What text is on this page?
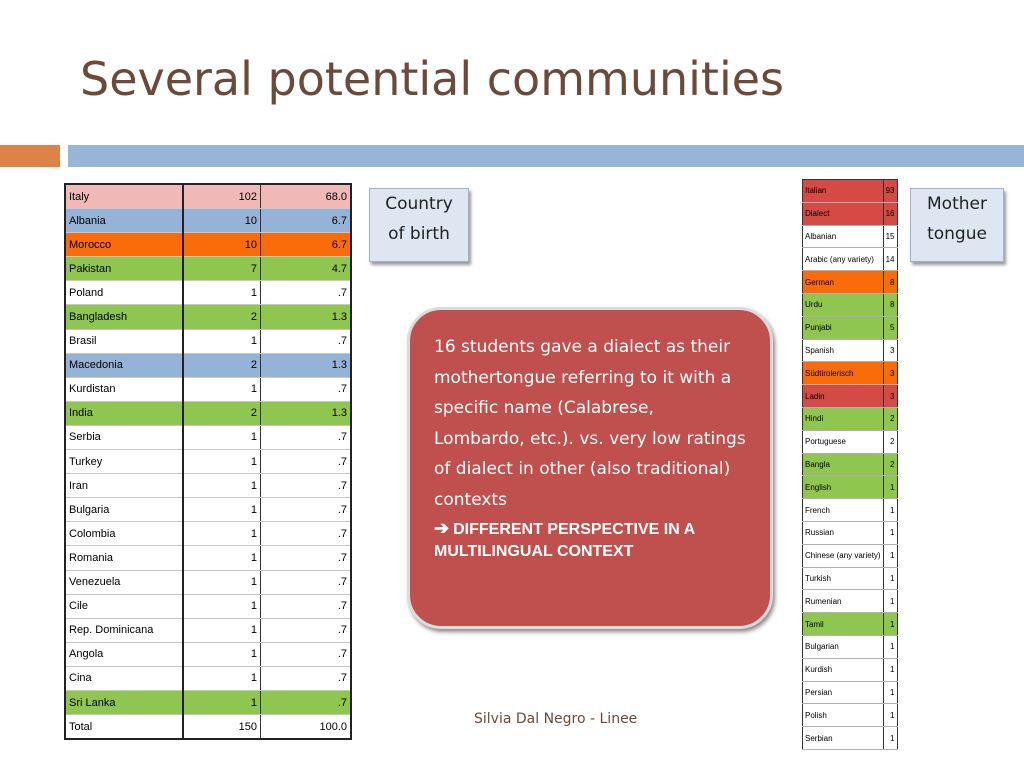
Several potential communities
Italy	102	68.0
Albania	10	6.7
Morocco	10	6.7
Pakistan	7	4.7
Poland	1	.7
Bangladesh	2	1.3
Brasil	1	.7
Macedonia	2	1.3
Kurdistan	1	.7
India	2	1.3
Serbia	1	.7
Turkey	1	.7
Iran	1	.7
Bulgaria	1	.7
Colombia	1	.7
Romania	1	.7
Venezuela	1	.7
Cile	1	.7
Rep. Dominicana	1	.7
Angola	1	.7
Cina	1	.7
Sri Lanka	1	.7
Total	150	100.0
Country
of birth
16 students gave a dialect as their mothertongue referring to it with a specific name (Calabrese, Lombardo, etc.). vs. very low ratings of dialect in other (also traditional) contexts
➔ DIFFERENT PERSPECTIVE IN A MULTILINGUAL CONTEXT
Mother
tongue
Italian	93
Dialect	16
Albanian	15
Arabic (any variety)	14
German	8
Urdu	8
Punjabi	5
Spanish	3
Südtirolerisch	3
Ladin	3
Hindi	2
Portuguese	2
Bangla	2
English	1
French	1
Russian	1
Chinese (any variety)	1
Turkish	1
Rumenian	1
Tamil	1
Bulgarian	1
Kurdish	1
Persian	1
Polish	1
Serbian	1
Silvia Dal Negro - Linee
